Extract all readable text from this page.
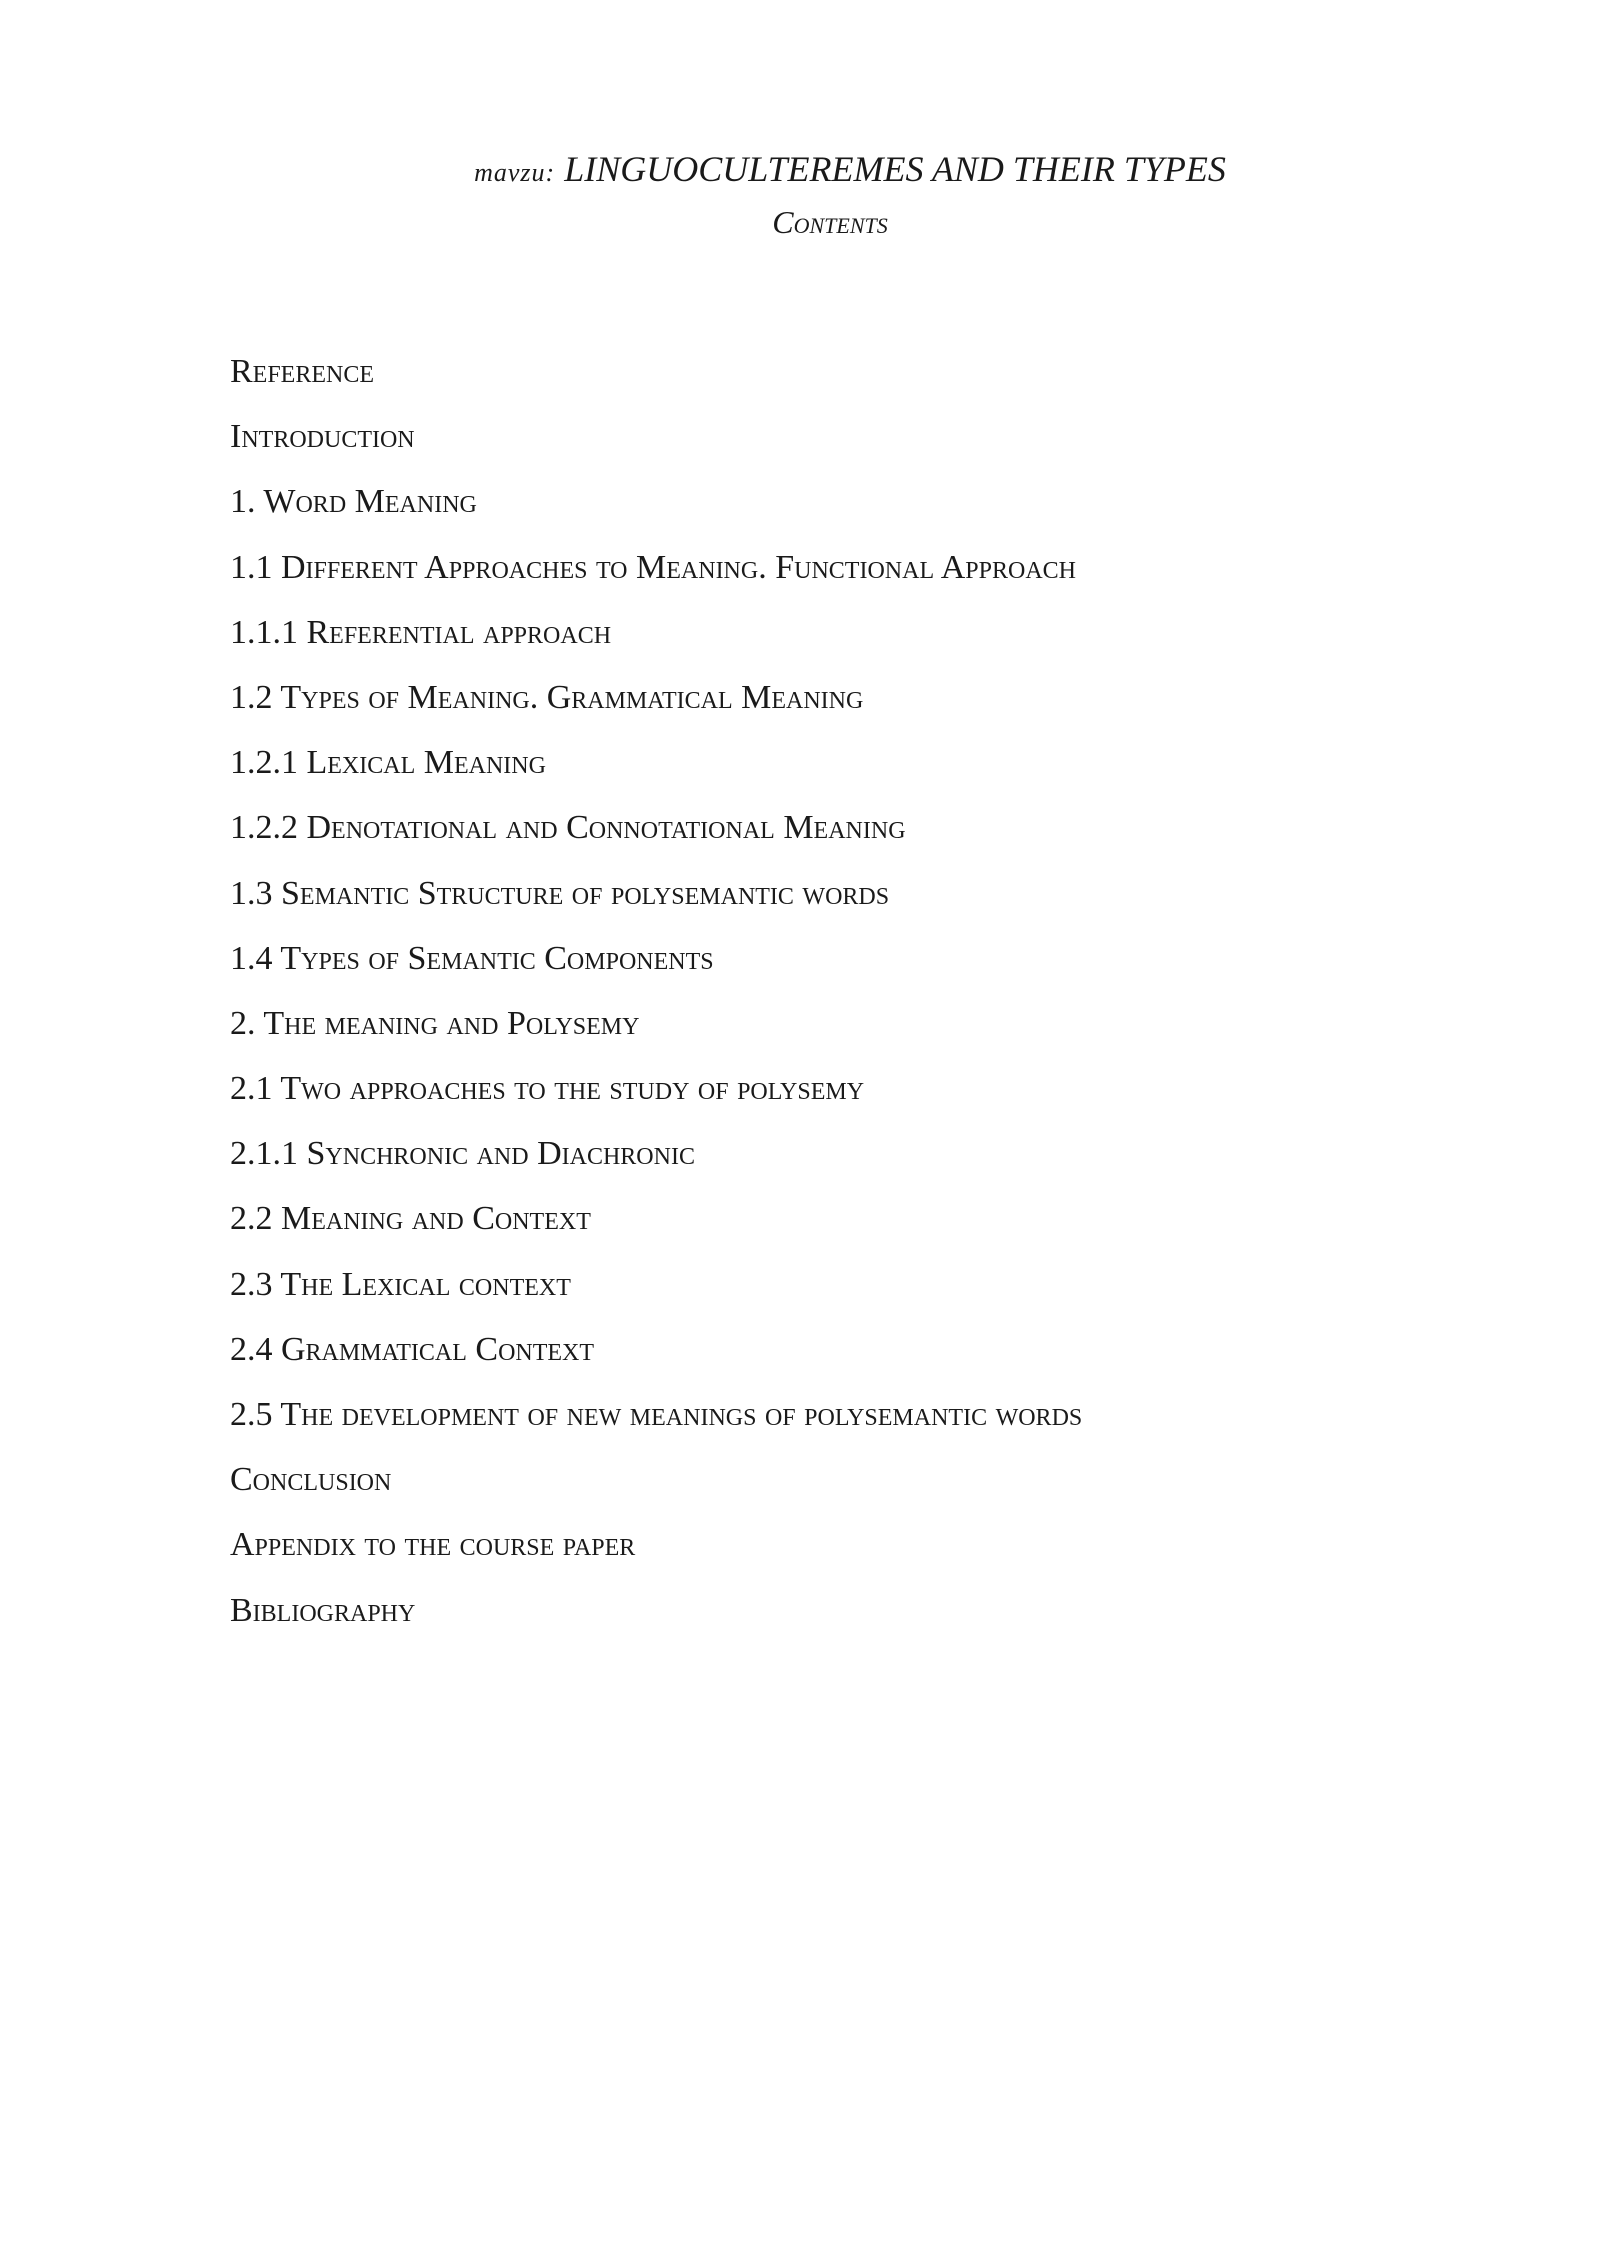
mavzu: LINGUOCULTEREMES AND THEIR TYPES
Contents
Reference
Introduction
1. Word Meaning
1.1 Different Approaches to Meaning. Functional Approach
1.1.1 Referential approach
1.2 Types of Meaning. Grammatical Meaning
1.2.1 Lexical Meaning
1.2.2 Denotational and Connotational Meaning
1.3 Semantic Structure of polysemantic words
1.4 Types of Semantic Components
2. The meaning and Polysemy
2.1 Two approaches to the study of polysemy
2.1.1 Synchronic and Diachronic
2.2 Meaning and Context
2.3 The Lexical context
2.4 Grammatical Context
2.5 The development of new meanings of polysemantic words
Conclusion
Appendix to the course paper
Bibliography
